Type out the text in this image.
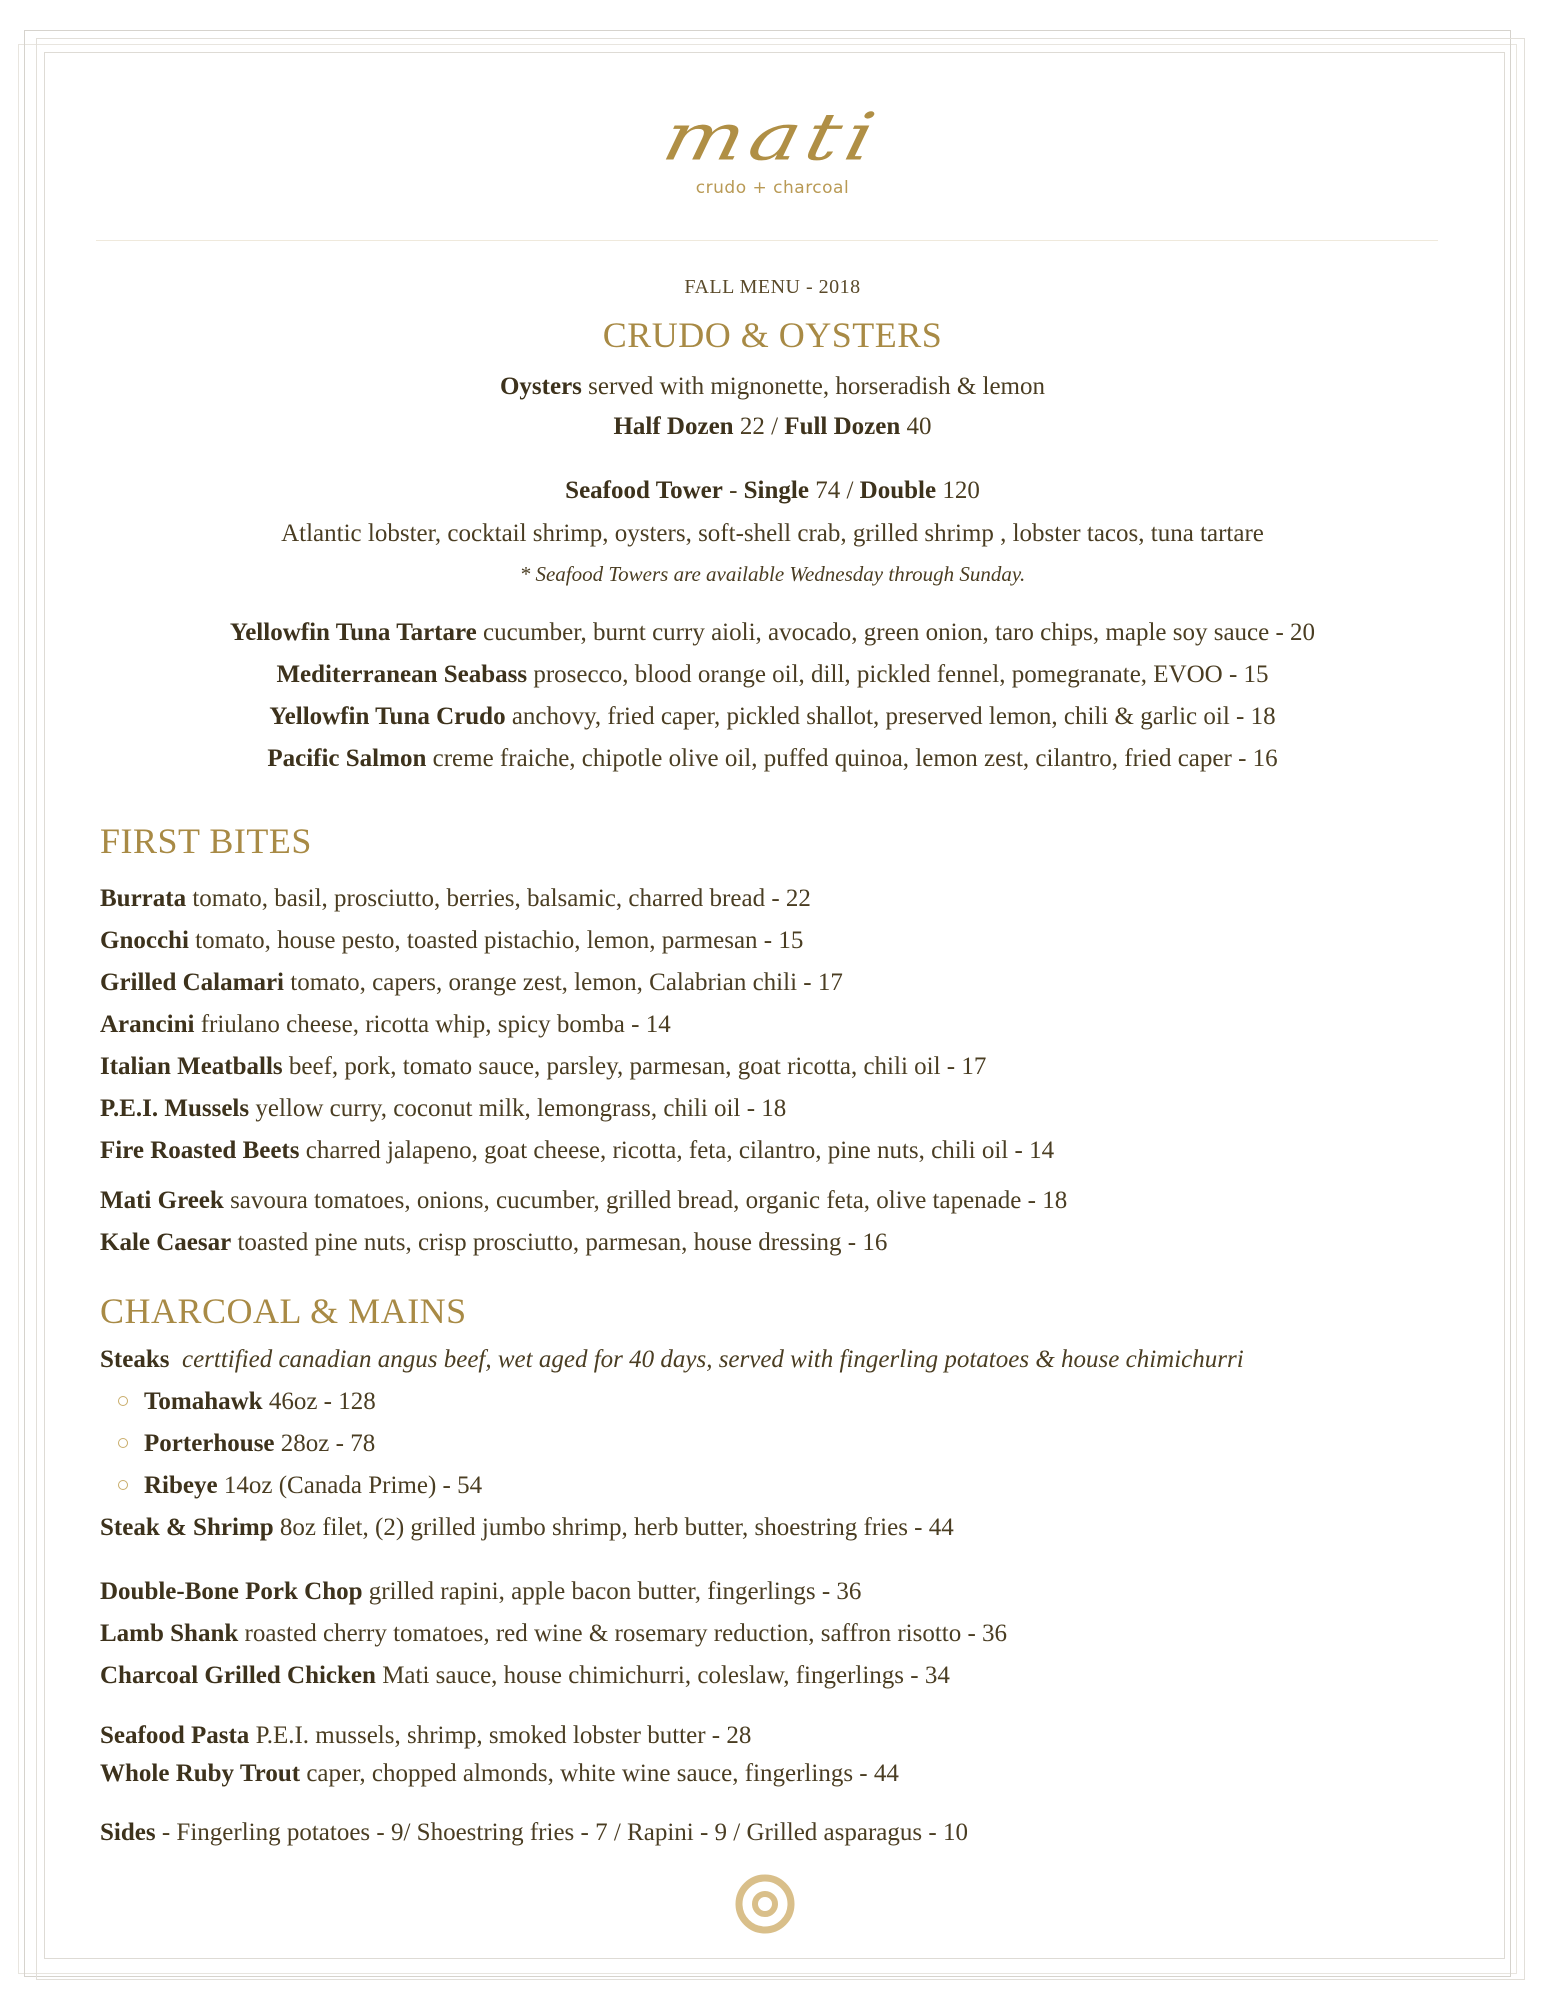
mati
crudo + charcoal
FALL MENU - 2018
CRUDO & OYSTERS
Oysters served with mignonette, horseradish & lemon
Half Dozen 22 / Full Dozen 40
Seafood Tower - Single 74 / Double 120
Atlantic lobster, cocktail shrimp, oysters, soft-shell crab, grilled shrimp , lobster tacos, tuna tartare
* Seafood Towers are available Wednesday through Sunday.
Yellowfin Tuna Tartare cucumber, burnt curry aioli, avocado, green onion, taro chips, maple soy sauce - 20
Mediterranean Seabass prosecco, blood orange oil, dill, pickled fennel, pomegranate, EVOO - 15
Yellowfin Tuna Crudo anchovy, fried caper, pickled shallot, preserved lemon, chili & garlic oil - 18
Pacific Salmon creme fraiche, chipotle olive oil, puffed quinoa, lemon zest, cilantro, fried caper - 16
FIRST BITES
Burrata tomato, basil, prosciutto, berries, balsamic, charred bread - 22
Gnocchi tomato, house pesto, toasted pistachio, lemon, parmesan - 15
Grilled Calamari tomato, capers, orange zest, lemon, Calabrian chili - 17
Arancini friulano cheese, ricotta whip, spicy bomba - 14
Italian Meatballs beef, pork, tomato sauce, parsley, parmesan, goat ricotta, chili oil - 17
P.E.I. Mussels yellow curry, coconut milk, lemongrass, chili oil - 18
Fire Roasted Beets charred jalapeno, goat cheese, ricotta, feta, cilantro, pine nuts, chili oil - 14
Mati Greek savoura tomatoes, onions, cucumber, grilled bread, organic feta, olive tapenade - 18
Kale Caesar toasted pine nuts, crisp prosciutto, parmesan, house dressing - 16
CHARCOAL & MAINS
Steaks certtified canadian angus beef, wet aged for 40 days, served with fingerling potatoes & house chimichurri
Tomahawk 46oz - 128
Porterhouse 28oz - 78
Ribeye 14oz (Canada Prime) - 54
Steak & Shrimp 8oz filet, (2) grilled jumbo shrimp, herb butter, shoestring fries - 44
Double-Bone Pork Chop grilled rapini, apple bacon butter, fingerlings - 36
Lamb Shank roasted cherry tomatoes, red wine & rosemary reduction, saffron risotto - 36
Charcoal Grilled Chicken Mati sauce, house chimichurri, coleslaw, fingerlings - 34
Seafood Pasta P.E.I. mussels, shrimp, smoked lobster butter - 28
Whole Ruby Trout caper, chopped almonds, white wine sauce, fingerlings - 44
Sides - Fingerling potatoes - 9/ Shoestring fries - 7 / Rapini - 9 / Grilled asparagus - 10
